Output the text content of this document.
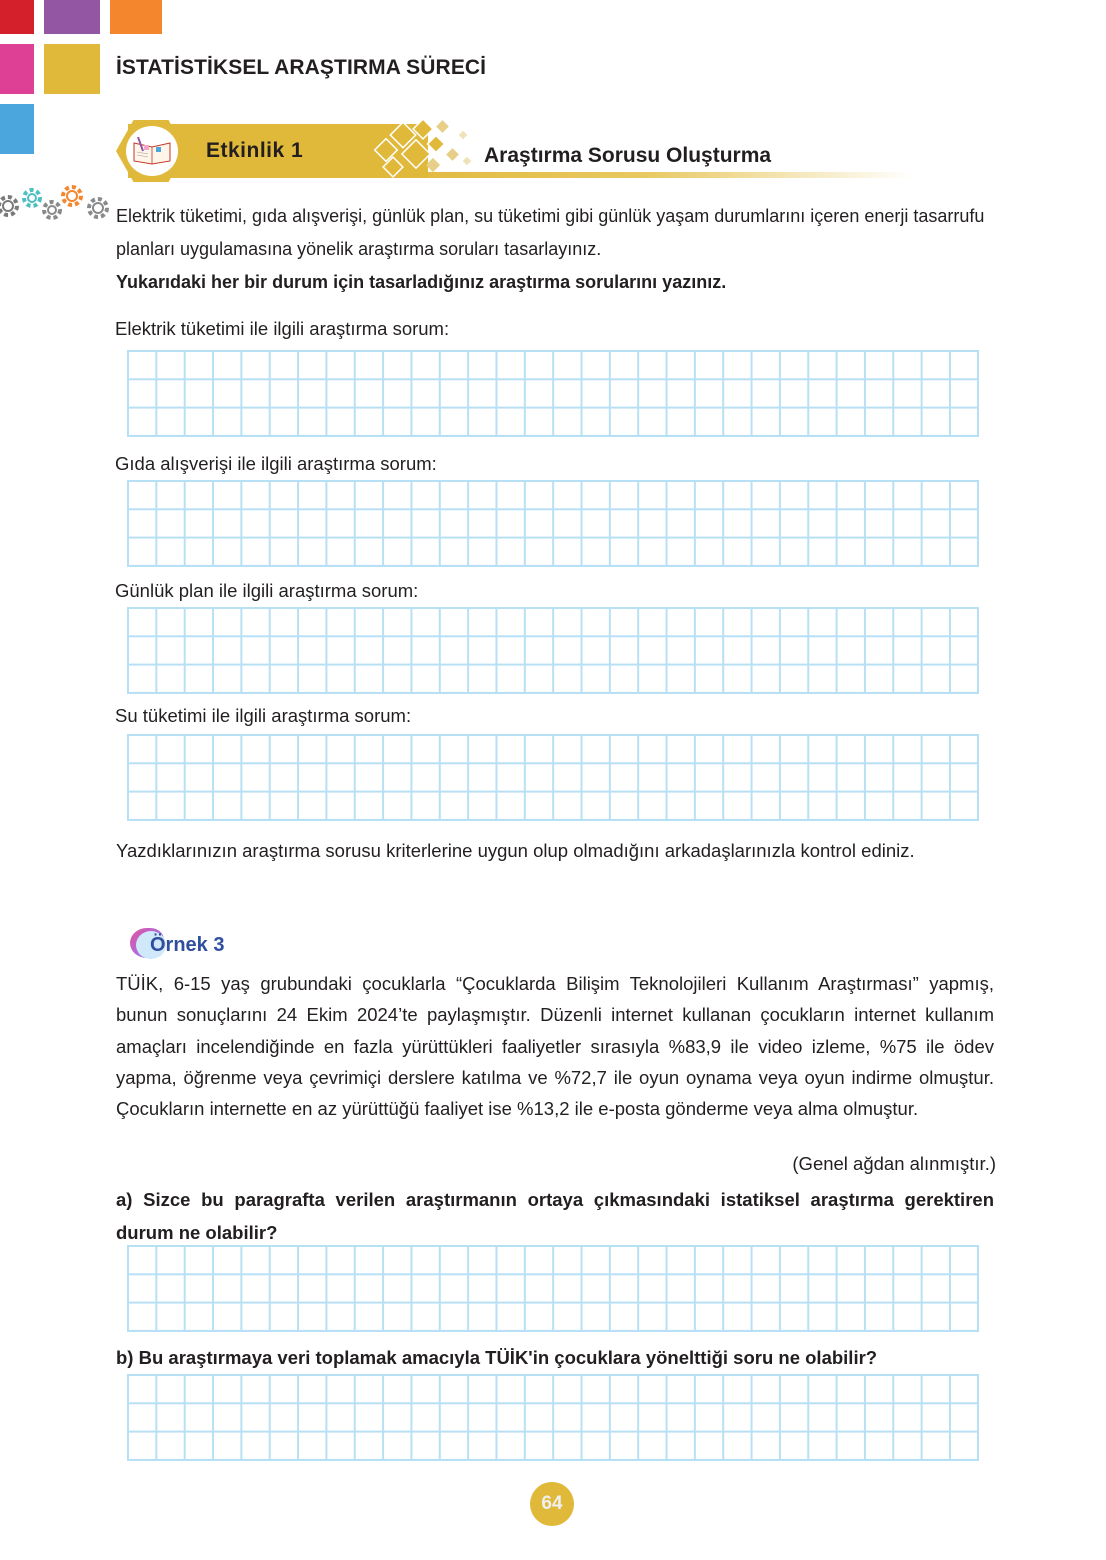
İSTATİSTİKSEL ARAŞTIRMA SÜRECİ
Etkinlik 1	Araştırma Sorusu Oluşturma
Elektrik tüketimi, gıda alışverişi, günlük plan, su tüketimi gibi günlük yaşam durumlarını içeren enerji tasarrufu planları uygulamasına yönelik araştırma soruları tasarlayınız.
Yukarıdaki her bir durum için tasarladığınız araştırma sorularını yazınız.
Elektrik tüketimi ile ilgili araştırma sorum:
Gıda alışverişi ile ilgili araştırma sorum:
Günlük plan ile ilgili araştırma sorum:
Su tüketimi ile ilgili araştırma sorum:
Yazdıklarınızın araştırma sorusu kriterlerine uygun olup olmadığını arkadaşlarınızla kontrol ediniz.
Örnek 3
TÜİK, 6-15 yaş grubundaki çocuklarla “Çocuklarda Bilişim Teknolojileri Kullanım Araştırması” yapmış, bunun sonuçlarını 24 Ekim 2024’te paylaşmıştır. Düzenli internet kullanan çocukların internet kullanım amaçları incelendiğinde en fazla yürüttükleri faaliyetler sırasıyla %83,9 ile video izleme, %75 ile ödev yapma, öğrenme veya çevrimiçi derslere katılma ve %72,7 ile oyun oynama veya oyun indirme olmuştur. Çocukların internette en az yürüttüğü faaliyet ise %13,2 ile e-posta gönderme veya alma olmuştur.
(Genel ağdan alınmıştır.)
a) Sizce bu paragrafta verilen araştırmanın ortaya çıkmasındaki istatiksel araştırma gerektiren durum ne olabilir?
b) Bu araştırmaya veri toplamak amacıyla TÜİK'in çocuklara yönelttiği soru ne olabilir?
64
